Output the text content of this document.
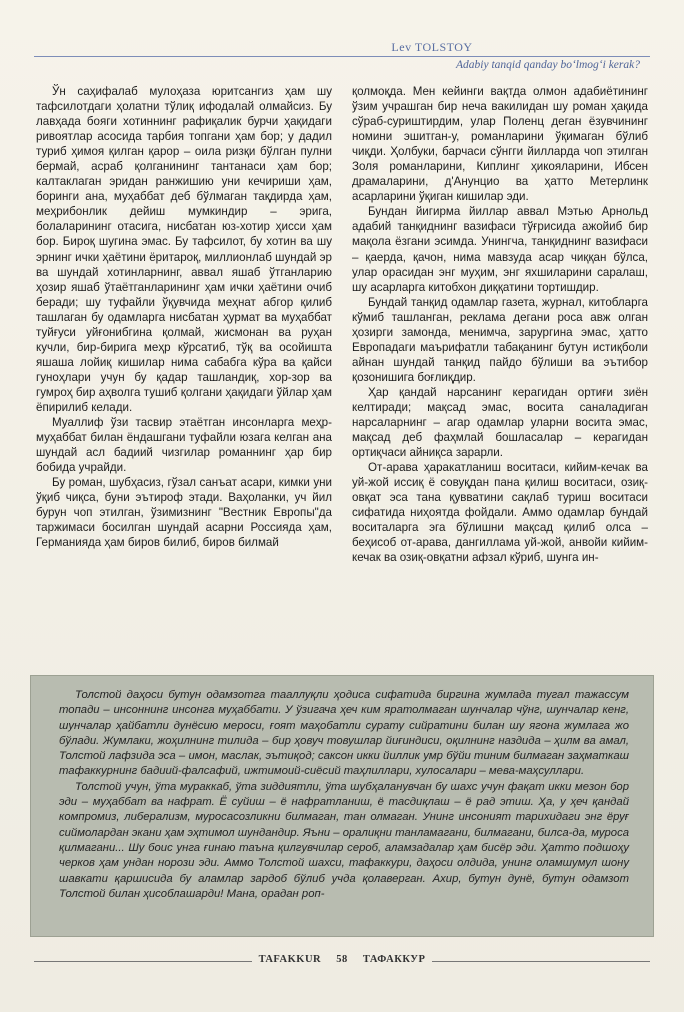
Lev TOLSTOY
Adabiy tanqid qanday bo‘lmog‘i kerak?

Ўн саҳифалаб мулоҳаза юритсангиз ҳам шу тафсилотдаги ҳолатни тўлиқ ифодалай олмайсиз. Бу лавҳада бояги хотиннинг рафиқалик бурчи ҳақидаги ривоятлар асосида тарбия топгани ҳам бор; у дадил туриб ҳимоя қилган қарор – оила ризқи бўлган пулни бермай, асраб қолганининг тантанаси ҳам бор; калтаклаган эридан ранжишию уни кечириши ҳам, боринги ана, муҳаббат деб бўлмаган тақдирда ҳам, меҳрибонлик дейиш мумкиндир – эрига, болаларининг отасига, нисбатан юз-хотир ҳисси ҳам бор. Бироқ шугина эмас. Бу тафсилот, бу хотин ва шу эрнинг ички ҳаётини ёритароқ, миллионлаб шундай эр ва шундай хотинларнинг, аввал яшаб ўтганларию ҳозир яшаб ўтаётганларининг ҳам ички ҳаётини очиб беради; шу туфайли ўқувчида меҳнат абгор қилиб ташлаган бу одамларга нисбатан ҳурмат ва муҳаббат туйғуси уйғонибгина қолмай, жисмонан ва руҳан кучли, бир-бирига меҳр кўрсатиб, тўқ ва осойишта яшаша лойиқ кишилар нима сабабга кўра ва қайси гуноҳлари учун бу қадар ташландиқ, хор-зор ва гумроҳ бир аҳволга тушиб қолгани ҳақидаги ўйлар ҳам ёпирилиб келади.

Муаллиф ўзи тасвир этаётган инсонларга меҳр-муҳаббат билан ёндашгани туфайли юзага келган ана шундай асл бадиий чизгилар романнинг ҳар бир бобида учрайди.

Бу роман, шубҳасиз, гўзал санъат асари, кимки уни ўқиб чиқса, буни эътироф этади. Ваҳоланки, уч йил бурун чоп этилган, ўзимизнинг "Вестник Европы"да таржимаси босилган шундай асарни Россияда ҳам, Германияда ҳам биров билиб, биров билмай

қолмоқда. Мен кейинги вақтда олмон адабиётининг ўзим учрашган бир неча вакилидан шу роман ҳақида сўраб-суриштирдим, улар Поленц деган ёзувчининг номини эшитган-у, романларини ўқимаган бўлиб чиқди. Ҳолбуки, барчаси сўнгги йилларда чоп этилган Золя романларини, Киплинг ҳикояларини, Ибсен драмаларини, д'Анунцио ва ҳатто Метерлинк асарларини ўқиган кишилар эди.

Бундан йигирма йиллар аввал Мэтью Арнольд адабий танқиднинг вазифаси тўғрисида ажойиб бир мақола ёзгани эсимда. Унингча, танқиднинг вазифаси – қаерда, қачон, нима мавзуда асар чиққан бўлса, улар орасидан энг муҳим, энг яхшиларини саралаш, шу асарларга китобхон диққатини тортишдир.

Бундай танқид одамлар газета, журнал, китобларга кўмиб ташланган, реклама дегани роса авж олган ҳозирги замонда, менимча, зарургина эмас, ҳатто Европадаги маърифатли табақанинг бутун истиқболи айнан шундай танқид пайдо бўлиши ва эътибор қозонишига боғлиқдир.

Ҳар қандай нарсанинг керагидан ортиғи зиён келтиради; мақсад эмас, восита саналадиган нарсаларнинг – агар одамлар уларни восита эмас, мақсад деб фаҳмлай бошласалар – керагидан ортиқчаси айниқса зарарли.

От-арава ҳаракатланиш воситаси, кийим-кечак ва уй-жой иссиқ ё совуқдан пана қилиш воситаси, озиқ-овқат эса тана қувватини сақлаб туриш воситаси сифатида ниҳоятда фойдали. Аммо одамлар бундай воситаларга эга бўлишни мақсад қилиб олса – беҳисоб от-арава, дангиллама уй-жой, анвойи кийим-кечак ва озиқ-овқатни афзал кўриб, шунга ин-

Толстой даҳоси бутун одамзотга тааллуқли ҳодиса сифатида биргина жумлада тугал тажассум топади – инсоннинг инсонга муҳаббати. У ўзигача ҳеч ким яратолмаган шунчалар чўнг, шунчалар кенг, шунчалар ҳайбатли дунёсию мероси, ғоят маҳобатли сурату сийратини билан шу ягона жумлага жо бўлади. Жумлаки, жоҳилнинг тилида – бир ҳовуч товушлар йиғиндиси, оқилнинг наздида – ҳилм ва амал, Толстой лафзида эса – имон, маслак, эътиқод; саксон икки йиллик умр бўйи тиним билмаган заҳматкаш тафаккурнинг бадиий-фалсафий, ижтимоий-сиёсий таҳлиллари, хулосалари – мева-маҳсуллари.

Толстой учун, ўта мураккаб, ўта зиддиятли, ўта шубҳаланувчан бу шахс учун фақат икки мезон бор эди – муҳаббат ва нафрат. Ё суйиш – ё нафратланиш, ё тасдиқлаш – ё рад этиш. Ҳа, у ҳеч қандай компромиз, либерализм, муросасозликни билмаган, тан олмаган. Унинг инсоният тарихидаги энг ёруғ сиймолардан экани ҳам эҳтимол шундандир. Яъни – оралиқни танламагани, билмагани, билса-да, муроса қилмагани... Шу боис унга ғинаю таъна қилгувчилар сероб, аламзадалар ҳам бисёр эди. Ҳатто подшоҳу черков ҳам ундан норози эди. Аммо Толстой шахси, тафаккури, даҳоси олдида, унинг оламшумул шону шавкати қаршисида бу аламлар зардоб бўлиб учда қолаверган. Ахир, бутун дунё, бутун одамзот Толстой билан ҳисоблашарди! Мана, орадан роп-

TAFAKKUR 58 ТАФАККУР
